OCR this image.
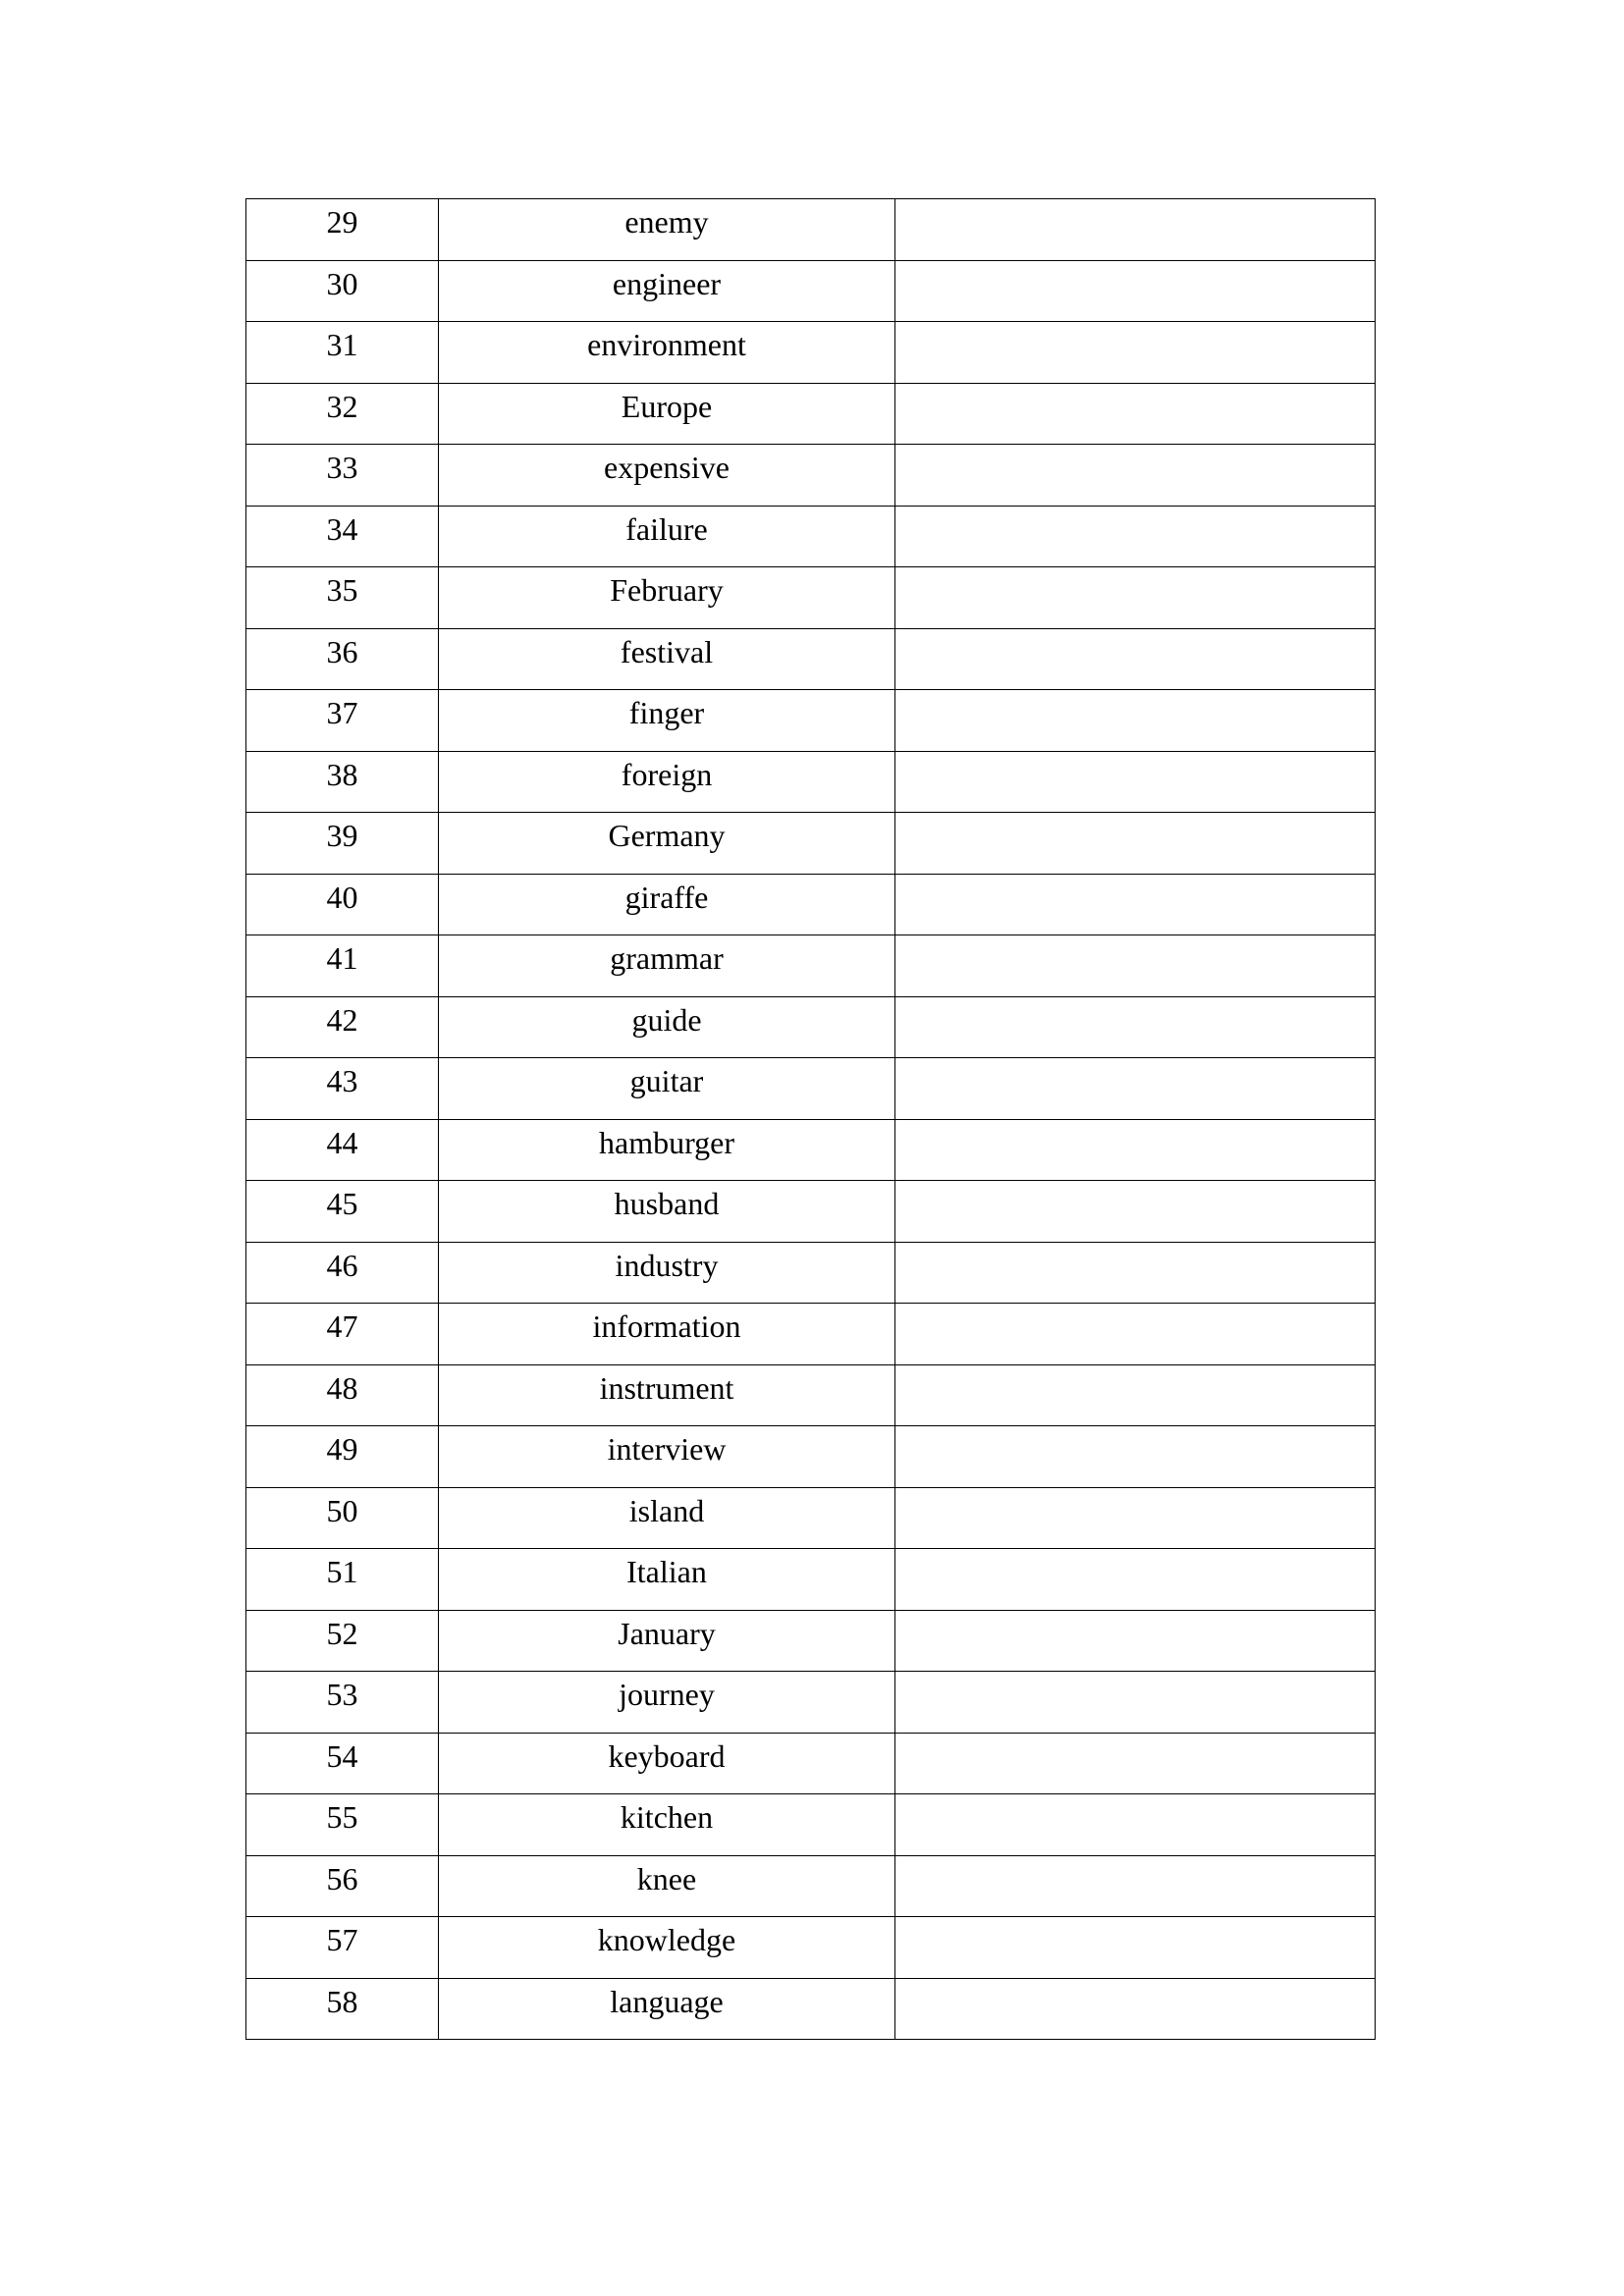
29	enemy	

30	engineer	

31	environment	

32	Europe	

33	expensive	

34	failure	

35	February	

36	festival	

37	finger	

38	foreign	

39	Germany	

40	giraffe	

41	grammar	

42	guide	

43	guitar	

44	hamburger	

45	husband	

46	industry	

47	information	

48	instrument	

49	interview	

50	island	

51	Italian	

52	January	

53	journey	

54	keyboard	

55	kitchen	

56	knee	

57	knowledge	

58	language	
